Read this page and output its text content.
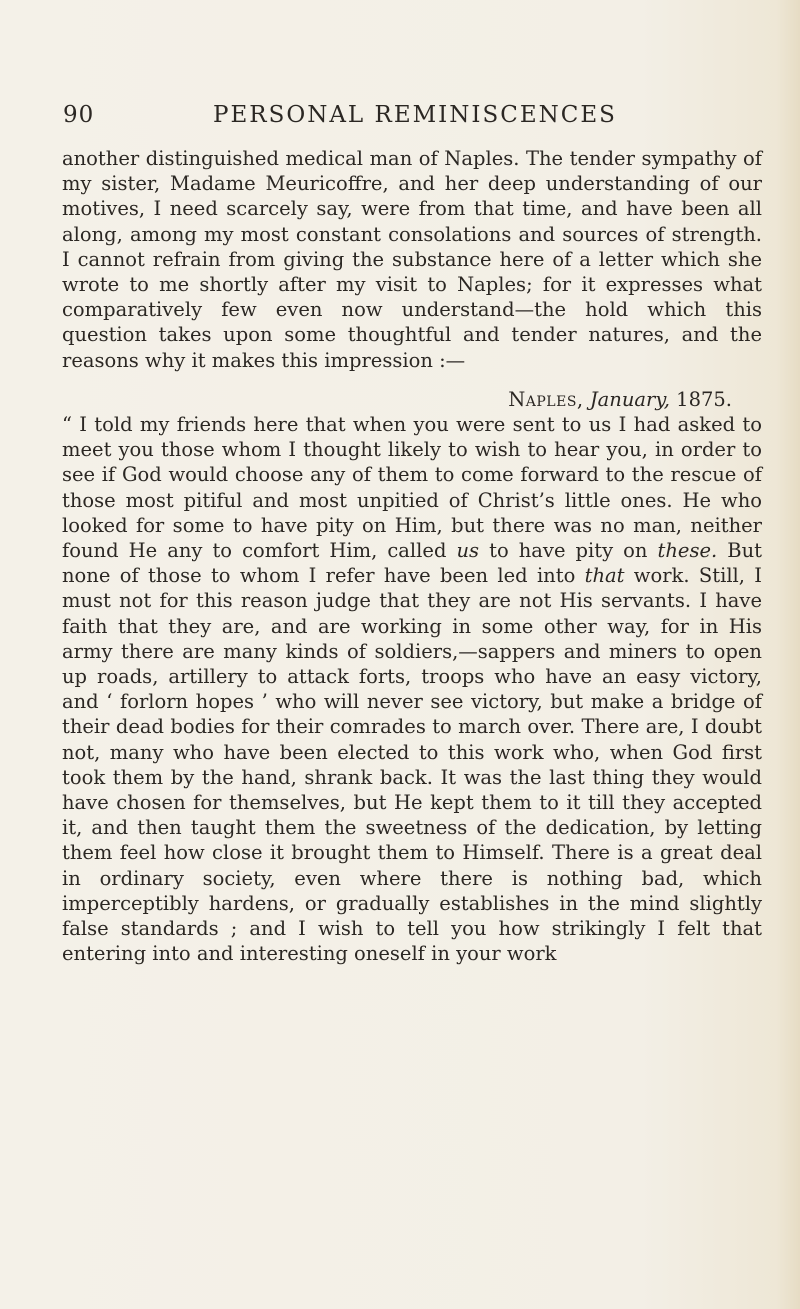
90	PERSONAL REMINISCENCES

another distinguished medical man of Naples. The tender sympathy of my sister, Madame Meuricoffre, and her deep understanding of our motives, I need scarcely say, were from that time, and have been all along, among my most constant consolations and sources of strength. I cannot refrain from giving the substance here of a letter which she wrote to me shortly after my visit to Naples; for it expresses what comparatively few even now understand—the hold which this question takes upon some thoughtful and tender natures, and the reasons why it makes this impression :—

Naples, January, 1875.

“ I told my friends here that when you were sent to us I had asked to meet you those whom I thought likely to wish to hear you, in order to see if God would choose any of them to come forward to the rescue of those most pitiful and most unpitied of Christ’s little ones. He who looked for some to have pity on Him, but there was no man, neither found He any to comfort Him, called us to have pity on these. But none of those to whom I refer have been led into that work. Still, I must not for this reason judge that they are not His servants. I have faith that they are, and are working in some other way, for in His army there are many kinds of soldiers,—sappers and miners to open up roads, artillery to attack forts, troops who have an easy victory, and ‘ forlorn hopes ’ who will never see victory, but make a bridge of their dead bodies for their comrades to march over. There are, I doubt not, many who have been elected to this work who, when God first took them by the hand, shrank back. It was the last thing they would have chosen for themselves, but He kept them to it till they accepted it, and then taught them the sweetness of the dedication, by letting them feel how close it brought them to Himself. There is a great deal in ordinary society, even where there is nothing bad, which imperceptibly hardens, or gradually establishes in the mind slightly false standards ; and I wish to tell you how strikingly I felt that entering into and interesting oneself in your work
